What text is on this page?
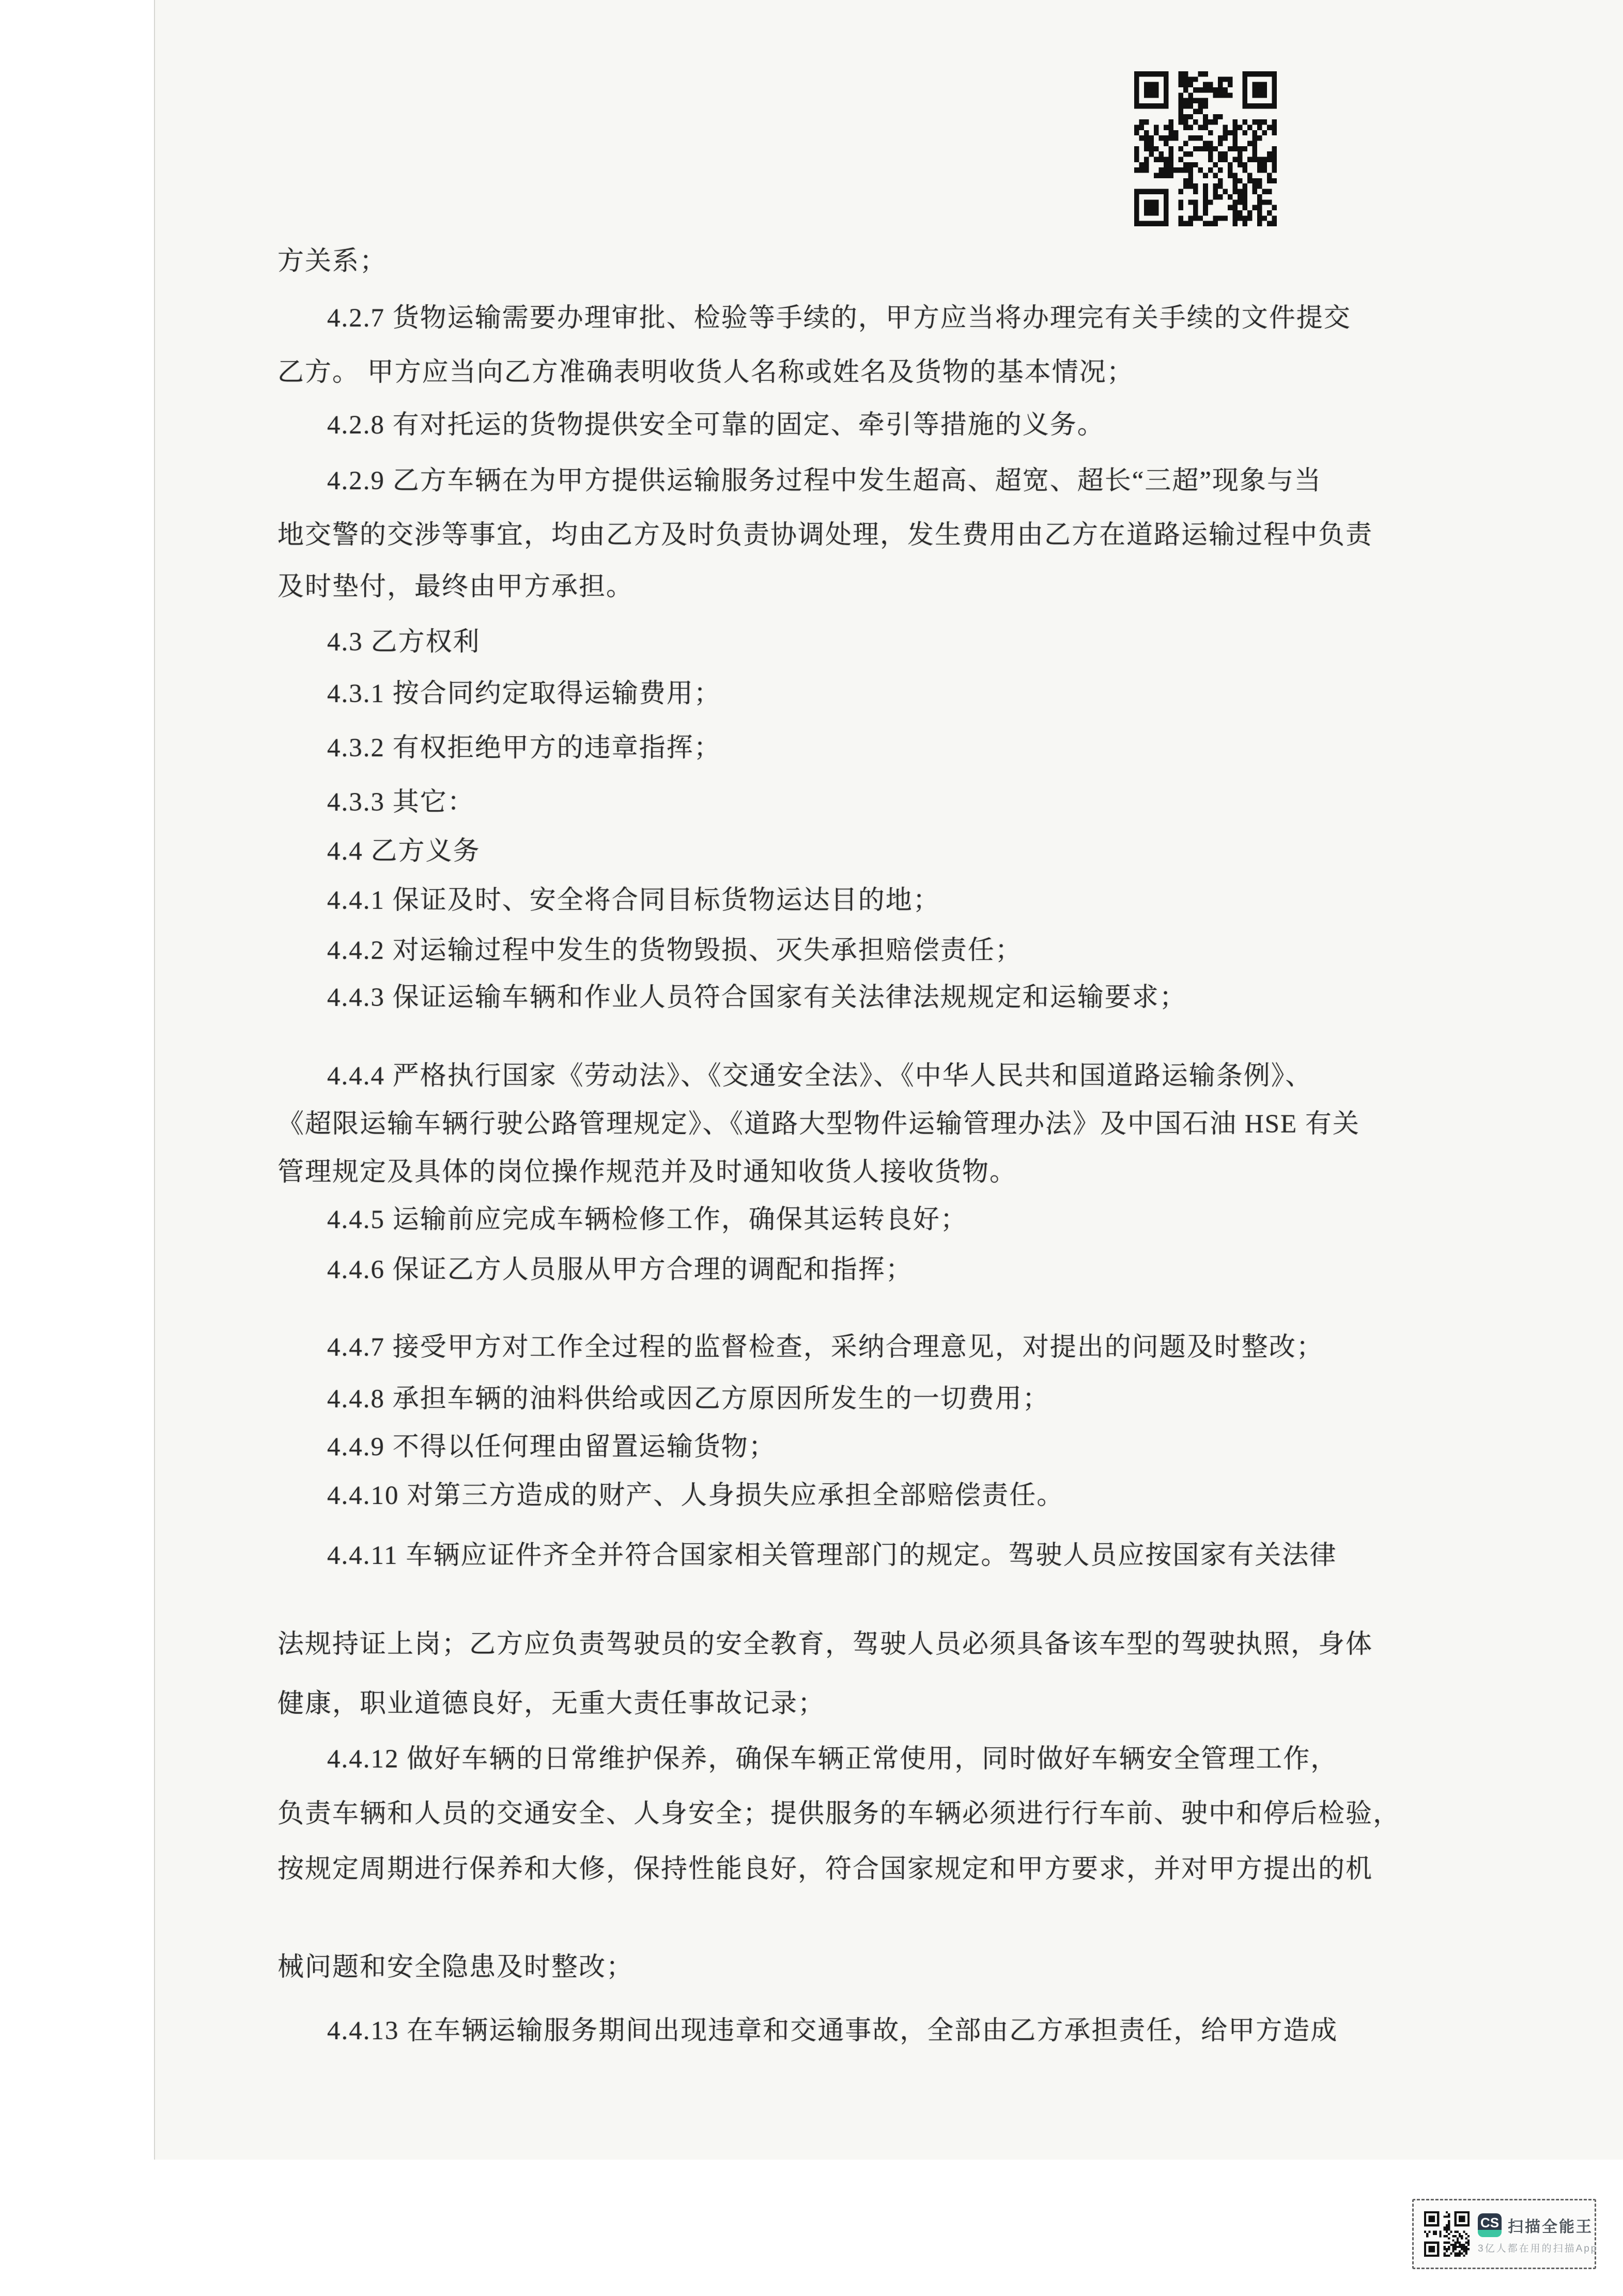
方关系；
4.2.7 货物运输需要办理审批、检验等手续的，甲方应当将办理完有关手续的文件提交
乙方。 甲方应当向乙方准确表明收货人名称或姓名及货物的基本情况；
4.2.8 有对托运的货物提供安全可靠的固定、牵引等措施的义务。
4.2.9 乙方车辆在为甲方提供运输服务过程中发生超高、超宽、超长“三超”现象与当
地交警的交涉等事宜，均由乙方及时负责协调处理，发生费用由乙方在道路运输过程中负责
及时垫付，最终由甲方承担。
4.3 乙方权利
4.3.1 按合同约定取得运输费用；
4.3.2 有权拒绝甲方的违章指挥；
4.3.3 其它：
4.4 乙方义务
4.4.1 保证及时、安全将合同目标货物运达目的地；
4.4.2 对运输过程中发生的货物毁损、灭失承担赔偿责任；
4.4.3 保证运输车辆和作业人员符合国家有关法律法规规定和运输要求；
4.4.4 严格执行国家《劳动法》、《交通安全法》、《中华人民共和国道路运输条例》、
《超限运输车辆行驶公路管理规定》、《道路大型物件运输管理办法》及中国石油 HSE 有关
管理规定及具体的岗位操作规范并及时通知收货人接收货物。
4.4.5 运输前应完成车辆检修工作，确保其运转良好；
4.4.6 保证乙方人员服从甲方合理的调配和指挥；
4.4.7 接受甲方对工作全过程的监督检查，采纳合理意见，对提出的问题及时整改；
4.4.8 承担车辆的油料供给或因乙方原因所发生的一切费用；
4.4.9 不得以任何理由留置运输货物；
4.4.10 对第三方造成的财产、人身损失应承担全部赔偿责任。
4.4.11 车辆应证件齐全并符合国家相关管理部门的规定。驾驶人员应按国家有关法律
法规持证上岗；乙方应负责驾驶员的安全教育，驾驶人员必须具备该车型的驾驶执照，身体
健康，职业道德良好，无重大责任事故记录；
4.4.12 做好车辆的日常维护保养，确保车辆正常使用，同时做好车辆安全管理工作，
负责车辆和人员的交通安全、人身安全；提供服务的车辆必须进行行车前、驶中和停后检验，
按规定周期进行保养和大修，保持性能良好，符合国家规定和甲方要求，并对甲方提出的机
械问题和安全隐患及时整改；
4.4.13 在车辆运输服务期间出现违章和交通事故，全部由乙方承担责任，给甲方造成
CS 扫描全能王
3亿人都在用的扫描App
